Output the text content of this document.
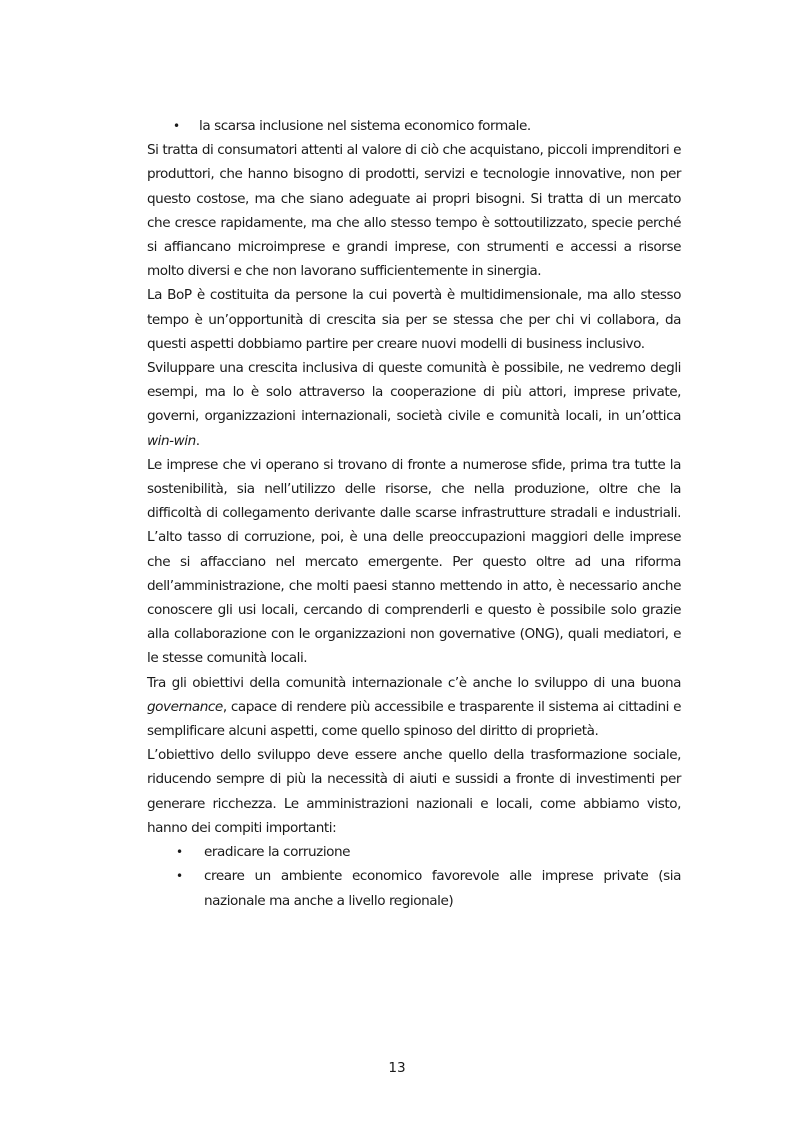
• la scarsa inclusione nel sistema economico formale.

Si tratta di consumatori attenti al valore di ciò che acquistano, piccoli imprenditori e produttori, che hanno bisogno di prodotti, servizi e tecnologie innovative, non per questo costose, ma che siano adeguate ai propri bisogni. Si tratta di un mercato che cresce rapidamente, ma che allo stesso tempo è sottoutilizzato, specie perché si affiancano microimprese e grandi imprese, con strumenti e accessi a risorse molto diversi e che non lavorano sufficientemente in sinergia.

La BoP è costituita da persone la cui povertà è multidimensionale, ma allo stesso tempo è un’opportunità di crescita sia per se stessa che per chi vi collabora, da questi aspetti dobbiamo partire per creare nuovi modelli di business inclusivo.

Sviluppare una crescita inclusiva di queste comunità è possibile, ne vedremo degli esempi, ma lo è solo attraverso la cooperazione di più attori, imprese private, governi, organizzazioni internazionali, società civile e comunità locali, in un’ottica win-win.

Le imprese che vi operano si trovano di fronte a numerose sfide, prima tra tutte la sostenibilità, sia nell’utilizzo delle risorse, che nella produzione, oltre che la difficoltà di collegamento derivante dalle scarse infrastrutture stradali e industriali. L’alto tasso di corruzione, poi, è una delle preoccupazioni maggiori delle imprese che si affacciano nel mercato emergente. Per questo oltre ad una riforma dell’amministrazione, che molti paesi stanno mettendo in atto, è necessario anche conoscere gli usi locali, cercando di comprenderli e questo è possibile solo grazie alla collaborazione con le organizzazioni non governative (ONG), quali mediatori, e le stesse comunità locali.

Tra gli obiettivi della comunità internazionale c’è anche lo sviluppo di una buona governance, capace di rendere più accessibile e trasparente il sistema ai cittadini e semplificare alcuni aspetti, come quello spinoso del diritto di proprietà.

L’obiettivo dello sviluppo deve essere anche quello della trasformazione sociale, riducendo sempre di più la necessità di aiuti e sussidi a fronte di investimenti per generare ricchezza. Le amministrazioni nazionali e locali, come abbiamo visto, hanno dei compiti importanti:

• eradicare la corruzione
• creare un ambiente economico favorevole alle imprese private (sia nazionale ma anche a livello regionale)
13
